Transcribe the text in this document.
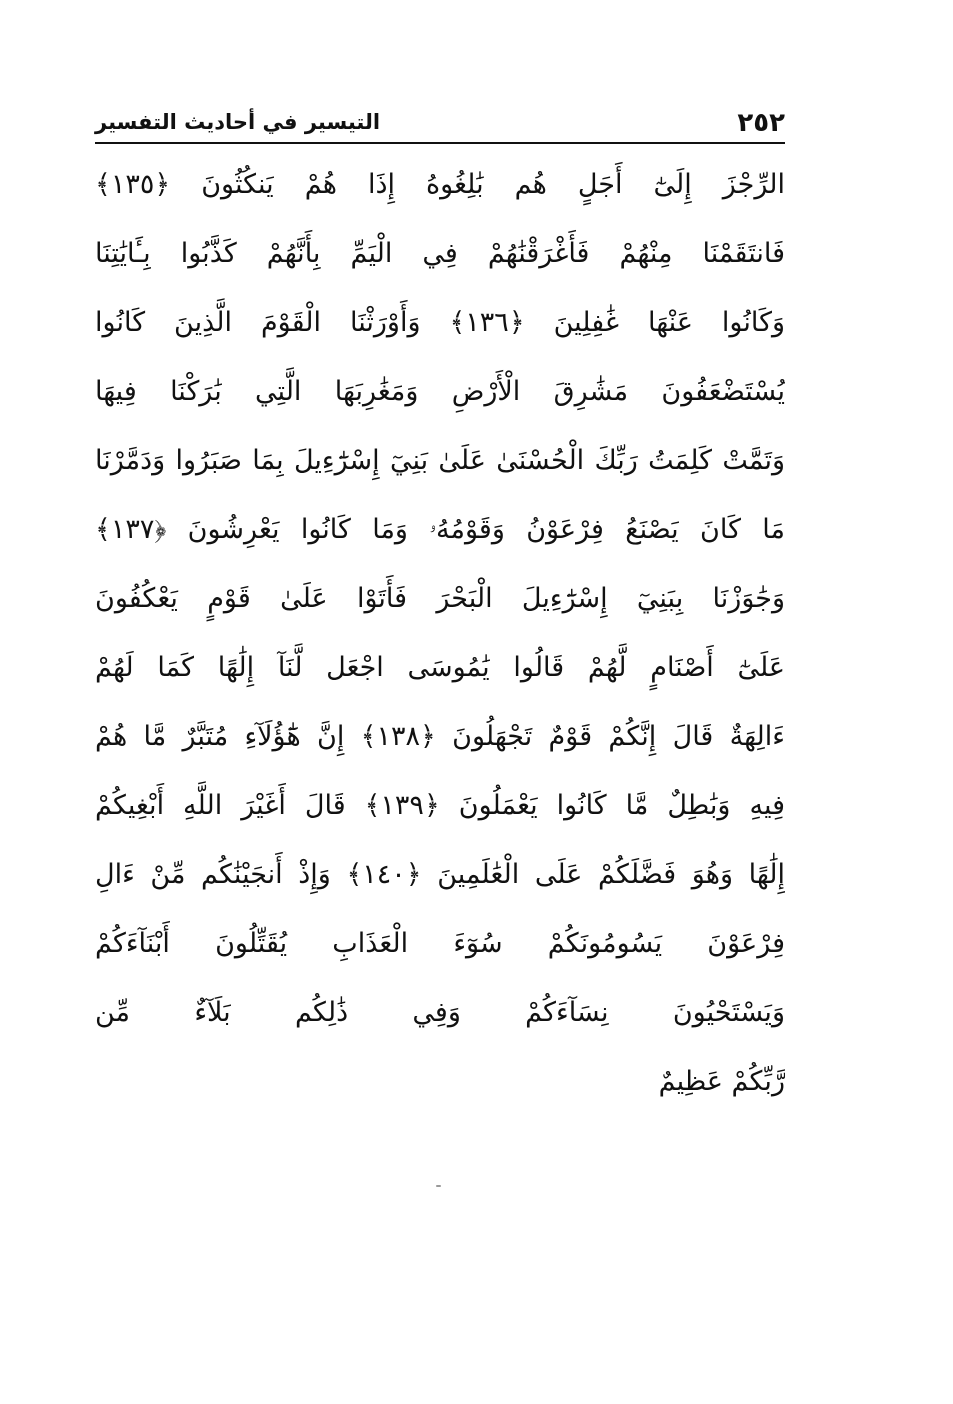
٢٥٢
التيسير في أحاديث التفسير
الرِّجْزَ إِلَىٰٓ أَجَلٍ هُم بَٰلِغُوهُ إِذَا هُمْ يَنكُثُونَ ﴿١٣٥﴾
فَانتَقَمْنَا مِنْهُمْ فَأَغْرَقْنَٰهُمْ فِي الْيَمِّ بِأَنَّهُمْ كَذَّبُوا بِـَٔايَٰتِنَا
وَكَانُوا عَنْهَا غَٰفِلِينَ ﴿١٣٦﴾ وَأَوْرَثْنَا الْقَوْمَ الَّذِينَ كَانُوا
يُسْتَضْعَفُونَ مَشَٰرِقَ الْأَرْضِ وَمَغَٰرِبَهَا الَّتِي بَٰرَكْنَا فِيهَا
وَتَمَّتْ كَلِمَتُ رَبِّكَ الْحُسْنَىٰ عَلَىٰ بَنِيٓ إِسْرَٰٓءِيلَ بِمَا صَبَرُوا وَدَمَّرْنَا
مَا كَانَ يَصْنَعُ فِرْعَوْنُ وَقَوْمُهُۥ وَمَا كَانُوا يَعْرِشُونَ ﴿١٣٧﴾
وَجَٰوَزْنَا بِبَنِيٓ إِسْرَٰٓءِيلَ الْبَحْرَ فَأَتَوْا عَلَىٰ قَوْمٍ يَعْكُفُونَ
عَلَىٰٓ أَصْنَامٍ لَّهُمْ قَالُوا يَٰمُوسَى اجْعَل لَّنَآ إِلَٰهًا كَمَا لَهُمْ
ءَالِهَةٌ قَالَ إِنَّكُمْ قَوْمٌ تَجْهَلُونَ ﴿١٣٨﴾ إِنَّ هَٰٓؤُلَآءِ مُتَبَّرٌ مَّا هُمْ
فِيهِ وَبَٰطِلٌ مَّا كَانُوا يَعْمَلُونَ ﴿١٣٩﴾ قَالَ أَغَيْرَ اللَّهِ أَبْغِيكُمْ
إِلَٰهًا وَهُوَ فَضَّلَكُمْ عَلَى الْعَٰلَمِينَ ﴿١٤٠﴾ وَإِذْ أَنجَيْنَٰكُم مِّنْ ءَالِ
فِرْعَوْنَ يَسُومُونَكُمْ سُوٓءَ الْعَذَابِ يُقَتِّلُونَ أَبْنَآءَكُمْ
وَيَسْتَحْيُونَ نِسَآءَكُمْ وَفِي ذَٰلِكُم بَلَآءٌ مِّن
رَّبِّكُمْ عَظِيمٌ
